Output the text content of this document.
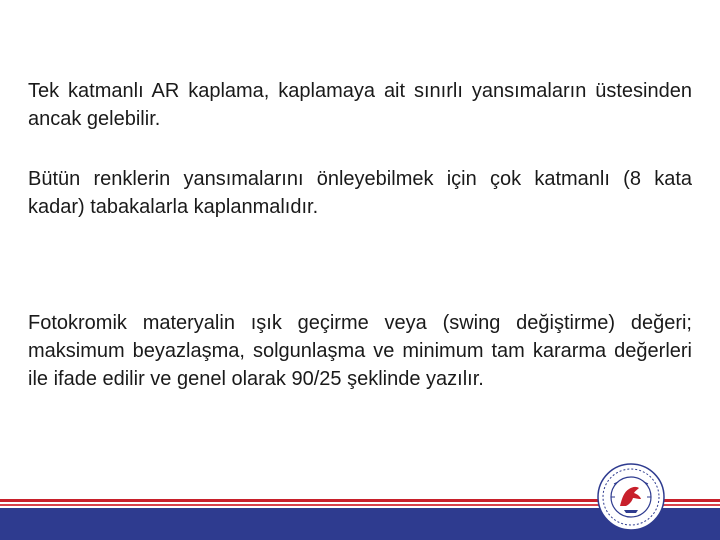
Tek katmanlı AR kaplama, kaplamaya ait sınırlı yansımaların üstesinden ancak gelebilir.

Bütün renklerin yansımalarını önleyebilmek için çok katmanlı (8 kata kadar) tabakalarla kaplanmalıdır.

Fotokromik materyalin ışık geçirme veya (swing değiştirme) değeri; maksimum beyazlaşma, solgunlaşma ve minimum tam kararma değerleri ile ifade edilir ve genel olarak 90/25 şeklinde yazılır.
